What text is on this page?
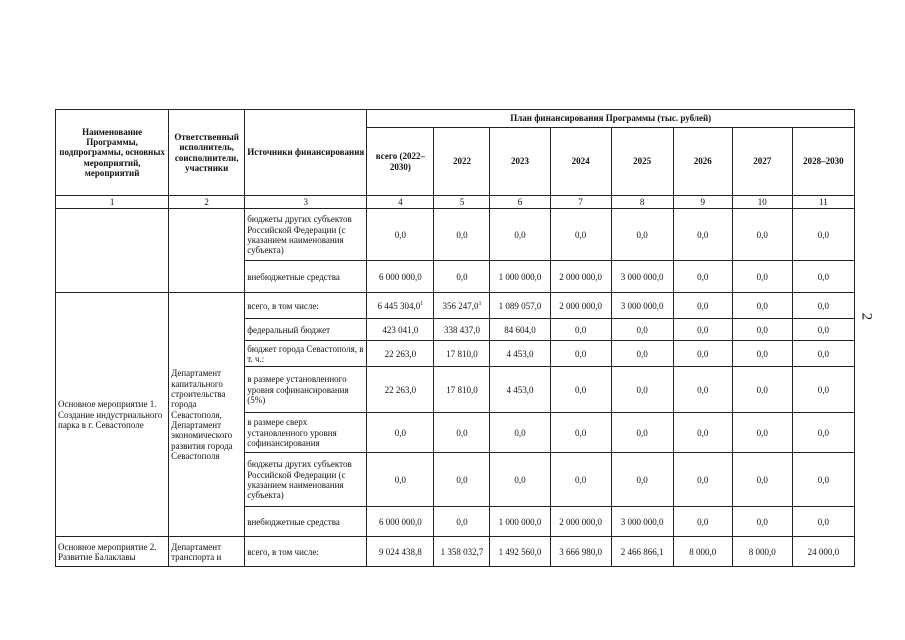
2
Наименование Программы, подпрограммы, основных мероприятий, мероприятий	Ответственный исполнитель, соисполнители, участники	Источники финансирования	План финансирования Программы (тыс. рублей)							
			всего (2022–2030)	2022	2023	2024	2025	2026	2027	2028–2030
1	2	3	4	5	6	7	8	9	10	11
		бюджеты других субъектов Российской Федерации (с указанием наименования субъекта)	0,0	0,0	0,0	0,0	0,0	0,0	0,0	0,0
		внебюджетные средства	6 000 000,0	0,0	1 000 000,0	2 000 000,0	3 000 000,0	0,0	0,0	0,0
Основное мероприятие 1. Создание индустриального парка в г. Севастополе	Департамент капитального строительства города Севастополя, Департамент экономического развития города Севастополя	всего, в том числе:	6 445 304,0$^1$	356 247,0$^1$	1 089 057,0	2 000 000,0	3 000 000,0	0,0	0,0	0,0
		федеральный бюджет	423 041,0	338 437,0	84 604,0	0,0	0,0	0,0	0,0	0,0
		бюджет города Севастополя, в т. ч.:	22 263,0	17 810,0	4 453,0	0,0	0,0	0,0	0,0	0,0
		в размере установленного уровня софинансирования (5%)	22 263,0	17 810,0	4 453,0	0,0	0,0	0,0	0,0	0,0
		в размере сверх установленного уровня софинансирования	0,0	0,0	0,0	0,0	0,0	0,0	0,0	0,0
		бюджеты других субъектов Российской Федерации (с указанием наименования субъекта)	0,0	0,0	0,0	0,0	0,0	0,0	0,0	0,0
		внебюджетные средства	6 000 000,0	0,0	1 000 000,0	2 000 000,0	3 000 000,0	0,0	0,0	0,0
Основное мероприятие 2. Развитие Балаклавы	Департамент транспорта и	всего, в том числе:	9 024 438,8	1 358 032,7	1 492 560,0	3 666 980,0	2 466 866,1	8 000,0	8 000,0	24 000,0
